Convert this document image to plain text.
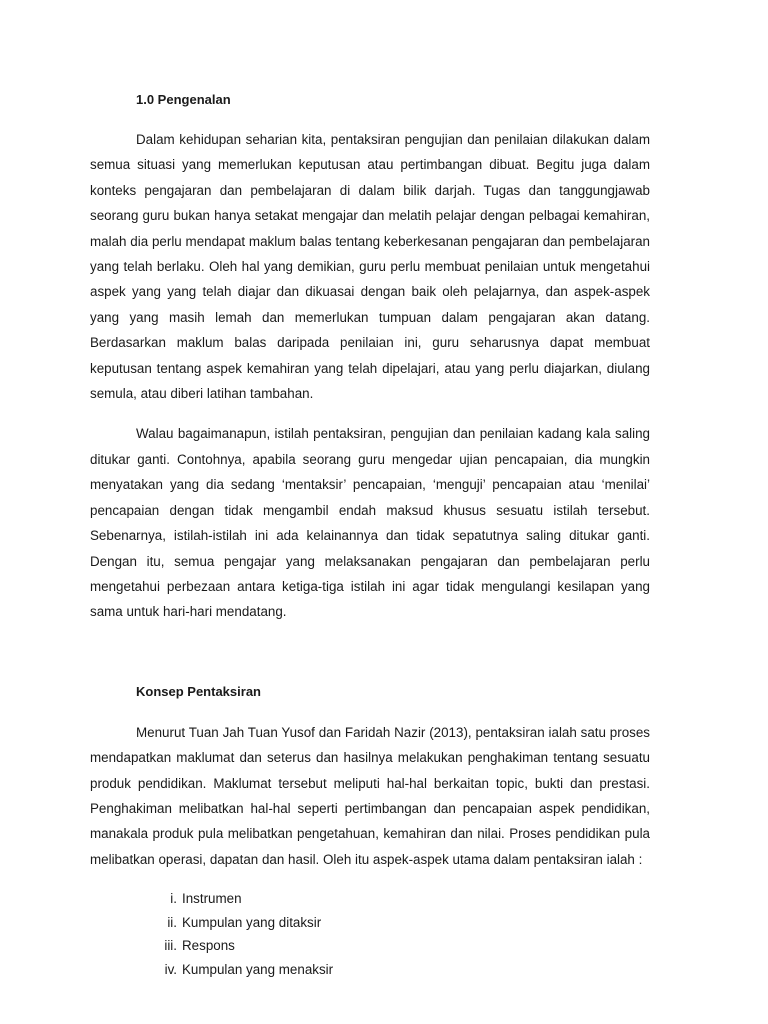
1.0 Pengenalan

Dalam kehidupan seharian kita, pentaksiran pengujian dan penilaian dilakukan dalam semua situasi yang memerlukan keputusan atau pertimbangan dibuat. Begitu juga dalam konteks pengajaran dan pembelajaran di dalam bilik darjah. Tugas dan tanggungjawab seorang guru bukan hanya setakat mengajar dan melatih pelajar dengan pelbagai kemahiran, malah dia perlu mendapat maklum balas tentang keberkesanan pengajaran dan pembelajaran yang telah berlaku. Oleh hal yang demikian, guru perlu membuat penilaian untuk mengetahui aspek yang yang telah diajar dan dikuasai dengan baik oleh pelajarnya, dan aspek-aspek yang yang masih lemah dan memerlukan tumpuan dalam pengajaran akan datang. Berdasarkan maklum balas daripada penilaian ini, guru seharusnya dapat membuat keputusan tentang aspek kemahiran yang telah dipelajari, atau yang perlu diajarkan, diulang semula, atau diberi latihan tambahan.

Walau bagaimanapun, istilah pentaksiran, pengujian dan penilaian kadang kala saling ditukar ganti. Contohnya, apabila seorang guru mengedar ujian pencapaian, dia mungkin menyatakan yang dia sedang ‘mentaksir’ pencapaian, ‘menguji’ pencapaian atau ‘menilai’ pencapaian dengan tidak mengambil endah maksud khusus sesuatu istilah tersebut. Sebenarnya, istilah-istilah ini ada kelainannya dan tidak sepatutnya saling ditukar ganti. Dengan itu, semua pengajar yang melaksanakan pengajaran dan pembelajaran perlu mengetahui perbezaan antara ketiga-tiga istilah ini agar tidak mengulangi kesilapan yang sama untuk hari-hari mendatang.

Konsep Pentaksiran

Menurut Tuan Jah Tuan Yusof dan Faridah Nazir (2013), pentaksiran ialah satu proses mendapatkan maklumat dan seterus dan hasilnya melakukan penghakiman tentang sesuatu produk pendidikan. Maklumat tersebut meliputi hal-hal berkaitan topic, bukti dan prestasi. Penghakiman melibatkan hal-hal seperti pertimbangan dan pencapaian aspek pendidikan, manakala produk pula melibatkan pengetahuan, kemahiran dan nilai. Proses pendidikan pula melibatkan operasi, dapatan dan hasil. Oleh itu aspek-aspek utama dalam pentaksiran ialah :

i. Instrumen
ii. Kumpulan yang ditaksir
iii. Respons
iv. Kumpulan yang menaksir
